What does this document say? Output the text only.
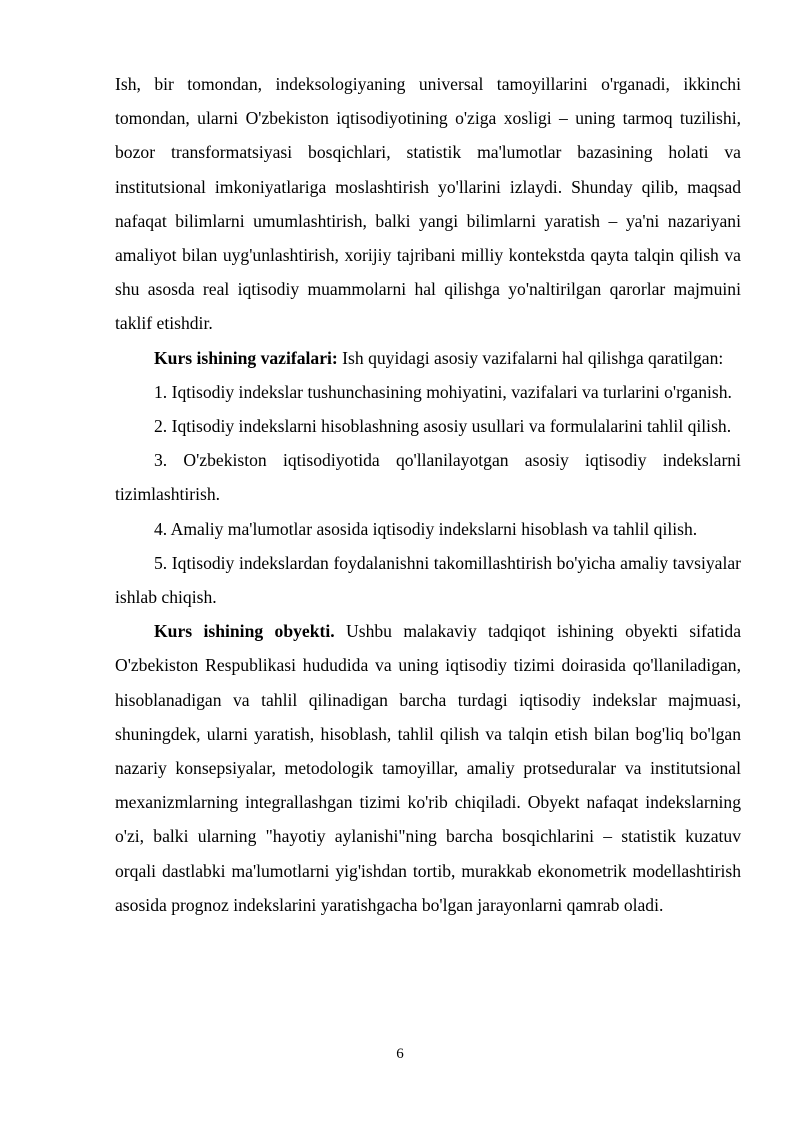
Ish, bir tomondan, indeksologiyaning universal tamoyillarini o'rganadi, ikkinchi tomondan, ularni O'zbekiston iqtisodiyotining o'ziga xosligi – uning tarmoq tuzilishi, bozor transformatsiyasi bosqichlari, statistik ma'lumotlar bazasining holati va institutsional imkoniyatlariga moslashtirish yo'llarini izlaydi. Shunday qilib, maqsad nafaqat bilimlarni umumlashtirish, balki yangi bilimlarni yaratish – ya'ni nazariyani amaliyot bilan uyg'unlashtirish, xorijiy tajribani milliy kontekstda qayta talqin qilish va shu asosda real iqtisodiy muammolarni hal qilishga yo'naltirilgan qarorlar majmuini taklif etishdir.

Kurs ishining vazifalari: Ish quyidagi asosiy vazifalarni hal qilishga qaratilgan:

1. Iqtisodiy indekslar tushunchasining mohiyatini, vazifalari va turlarini o'rganish.

2. Iqtisodiy indekslarni hisoblashning asosiy usullari va formulalarini tahlil qilish.

3. O'zbekiston iqtisodiyotida qo'llanilayotgan asosiy iqtisodiy indekslarni tizimlashtirish.

4. Amaliy ma'lumotlar asosida iqtisodiy indekslarni hisoblash va tahlil qilish.

5. Iqtisodiy indekslardan foydalanishni takomillashtirish bo'yicha amaliy tavsiyalar ishlab chiqish.

Kurs ishining obyekti. Ushbu malakaviy tadqiqot ishining obyekti sifatida O'zbekiston Respublikasi hududida va uning iqtisodiy tizimi doirasida qo'llaniladigan, hisoblanadigan va tahlil qilinadigan barcha turdagi iqtisodiy indekslar majmuasi, shuningdek, ularni yaratish, hisoblash, tahlil qilish va talqin etish bilan bog'liq bo'lgan nazariy konsepsiyalar, metodologik tamoyillar, amaliy protseduralar va institutsional mexanizmlarning integrallashgan tizimi ko'rib chiqiladi. Obyekt nafaqat indekslarning o'zi, balki ularning "hayotiy aylanishi"ning barcha bosqichlarini – statistik kuzatuv orqali dastlabki ma'lumotlarni yig'ishdan tortib, murakkab ekonometrik modellashtirish asosida prognoz indekslarini yaratishgacha bo'lgan jarayonlarni qamrab oladi.

6
